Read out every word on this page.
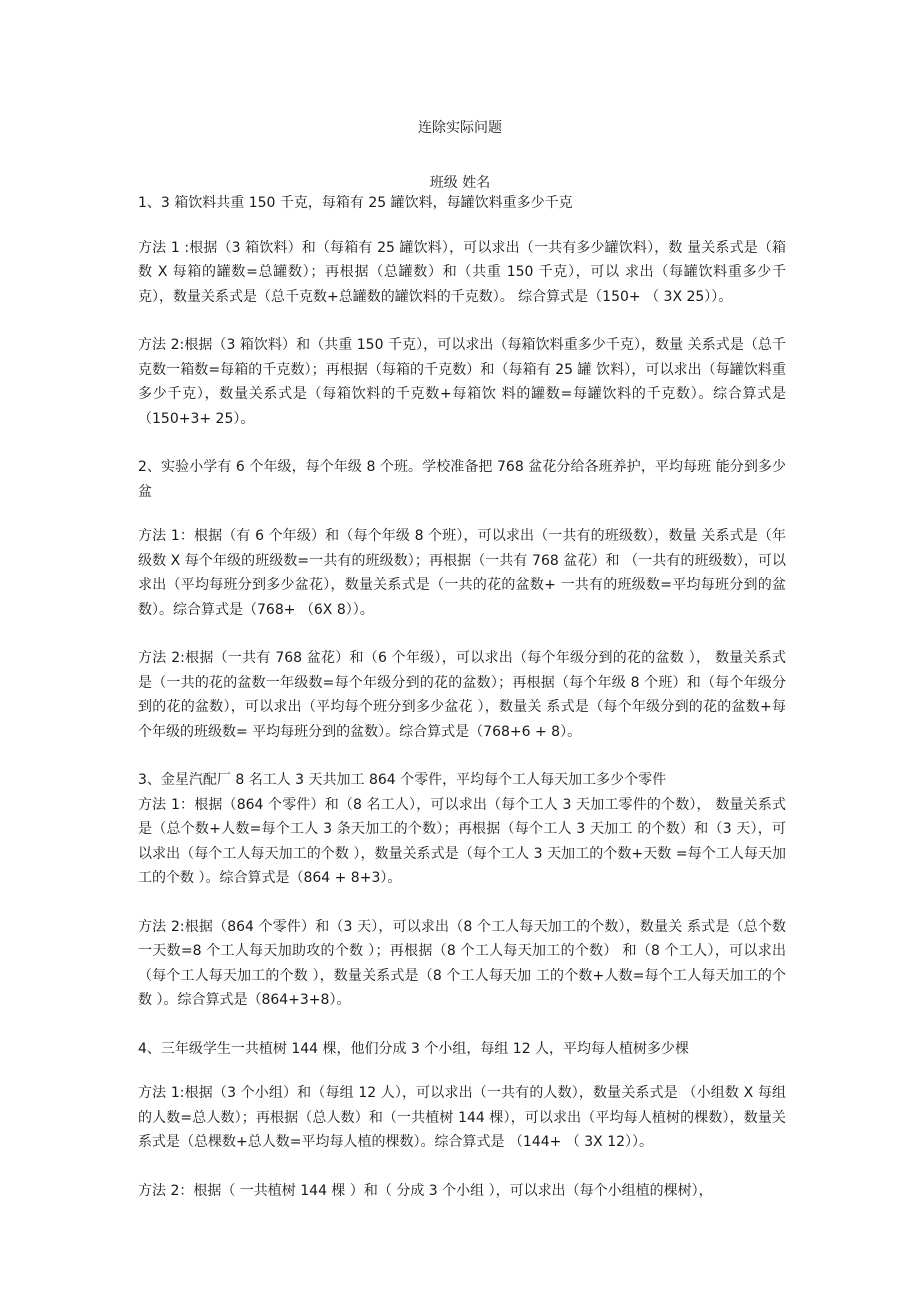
连除实际问题
班级 姓名

1、3 箱饮料共重 150 千克，每箱有 25 罐饮料，每罐饮料重多少千克

方法 1 :根据（3 箱饮料）和（每箱有 25 罐饮料），可以求出（一共有多少罐饮料），数 量关系式是（箱数 X 每箱的罐数=总罐数）；再根据（总罐数）和（共重 150 千克），可以 求出（每罐饮料重多少千克），数量关系式是（总千克数+总罐数的罐饮料的千克数）。 综合算式是（150+ （ 3X 25））。

方法 2:根据（3 箱饮料）和（共重 150 千克），可以求出（每箱饮料重多少千克），数量 关系式是（总千克数一箱数=每箱的千克数）；再根据（每箱的千克数）和（每箱有 25 罐 饮料），可以求出（每罐饮料重多少千克），数量关系式是（每箱饮料的千克数+每箱饮 料的罐数=每罐饮料的千克数）。综合算式是（150+3+ 25）。

2、实验小学有 6 个年级，每个年级 8 个班。学校准备把 768 盆花分给各班养护，平均每班 能分到多少盆

方法 1：根据（有 6 个年级）和（每个年级 8 个班），可以求出（一共有的班级数），数量 关系式是（年级数 X 每个年级的班级数=一共有的班级数）；再根据（一共有 768 盆花）和 （一共有的班级数），可以求出（平均每班分到多少盆花），数量关系式是（一共的花的盆数+ 一共有的班级数=平均每班分到的盆数）。综合算式是（768+ （6X 8））。

方法 2:根据（一共有 768 盆花）和（6 个年级），可以求出（每个年级分到的花的盆数 ）， 数量关系式是（一共的花的盆数一年级数=每个年级分到的花的盆数）；再根据（每个年级 8 个班）和（每个年级分到的花的盆数），可以求出（平均每个班分到多少盆花 ），数量关 系式是（每个年级分到的花的盆数+每个年级的班级数= 平均每班分到的盆数）。综合算式是（768+6 + 8）。

3、金星汽配厂 8 名工人 3 天共加工 864 个零件，平均每个工人每天加工多少个零件

方法 1：根据（864 个零件）和（8 名工人），可以求出（每个工人 3 天加工零件的个数）， 数量关系式是（总个数+人数=每个工人 3 条天加工的个数）；再根据（每个工人 3 天加工 的个数）和（3 天），可以求出（每个工人每天加工的个数 ），数量关系式是（每个工人 3 天加工的个数+天数 =每个工人每天加工的个数 ）。综合算式是（864 + 8+3）。

方法 2:根据（864 个零件）和（3 天），可以求出（8 个工人每天加工的个数），数量关 系式是（总个数一天数=8 个工人每天加助攻的个数 ）；再根据（8 个工人每天加工的个数） 和（8 个工人），可以求出（每个工人每天加工的个数 ），数量关系式是（8 个工人每天加 工的个数+人数=每个工人每天加工的个数 ）。综合算式是（864+3+8）。

4、三年级学生一共植树 144 棵，他们分成 3 个小组，每组 12 人，平均每人植树多少棵

方法 1:根据（3 个小组）和（每组 12 人），可以求出（一共有的人数），数量关系式是 （小组数 X 每组的人数=总人数）；再根据（总人数）和（一共植树 144 棵），可以求出（平均每人植树的棵数），数量关系式是（总棵数+总人数=平均每人植的棵数）。综合算式是 （144+ （ 3X 12））。

方法 2：根据（ 一共植树 144 棵 ）和（ 分成 3 个小组 ），可以求出（每个小组植的棵树），
